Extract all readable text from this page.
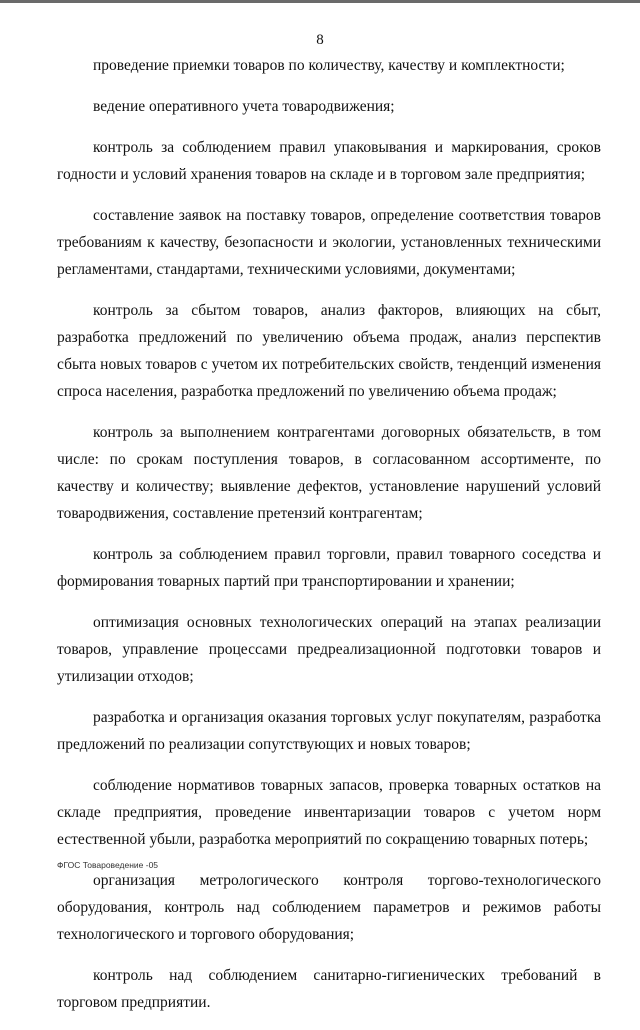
8

проведение приемки товаров по количеству, качеству и комплектности;

ведение оперативного учета товародвижения;

контроль за соблюдением правил упаковывания и маркирования, сроков годности и условий хранения товаров на складе и в торговом зале предприятия;

составление заявок на поставку товаров, определение соответствия товаров требованиям к качеству, безопасности и экологии, установленных техническими регламентами, стандартами, техническими условиями, документами;

контроль за сбытом товаров, анализ факторов, влияющих на сбыт, разработка предложений по увеличению объема продаж, анализ перспектив сбыта новых товаров с учетом их потребительских свойств, тенденций изменения спроса населения, разработка предложений по увеличению объема продаж;

контроль за выполнением контрагентами договорных обязательств, в том числе: по срокам поступления товаров, в согласованном ассортименте, по качеству и количеству; выявление дефектов, установление нарушений условий товародвижения, составление претензий контрагентам;

контроль за соблюдением правил торговли, правил товарного соседства и формирования товарных партий при транспортировании и хранении;

оптимизация основных технологических операций на этапах реализации товаров, управление процессами предреализационной подготовки товаров и утилизации отходов;

разработка и организация оказания торговых услуг покупателям, разработка предложений по реализации сопутствующих и новых товаров;

соблюдение нормативов товарных запасов, проверка товарных остатков на складе предприятия, проведение инвентаризации товаров с учетом норм естественной убыли, разработка мероприятий по сокращению товарных потерь;

организация метрологического контроля торгово-технологического оборудования, контроль над соблюдением параметров и режимов работы технологического и торгового оборудования;

контроль над соблюдением санитарно-гигиенических требований в торговом предприятии.

ФГОС Товароведение -05
